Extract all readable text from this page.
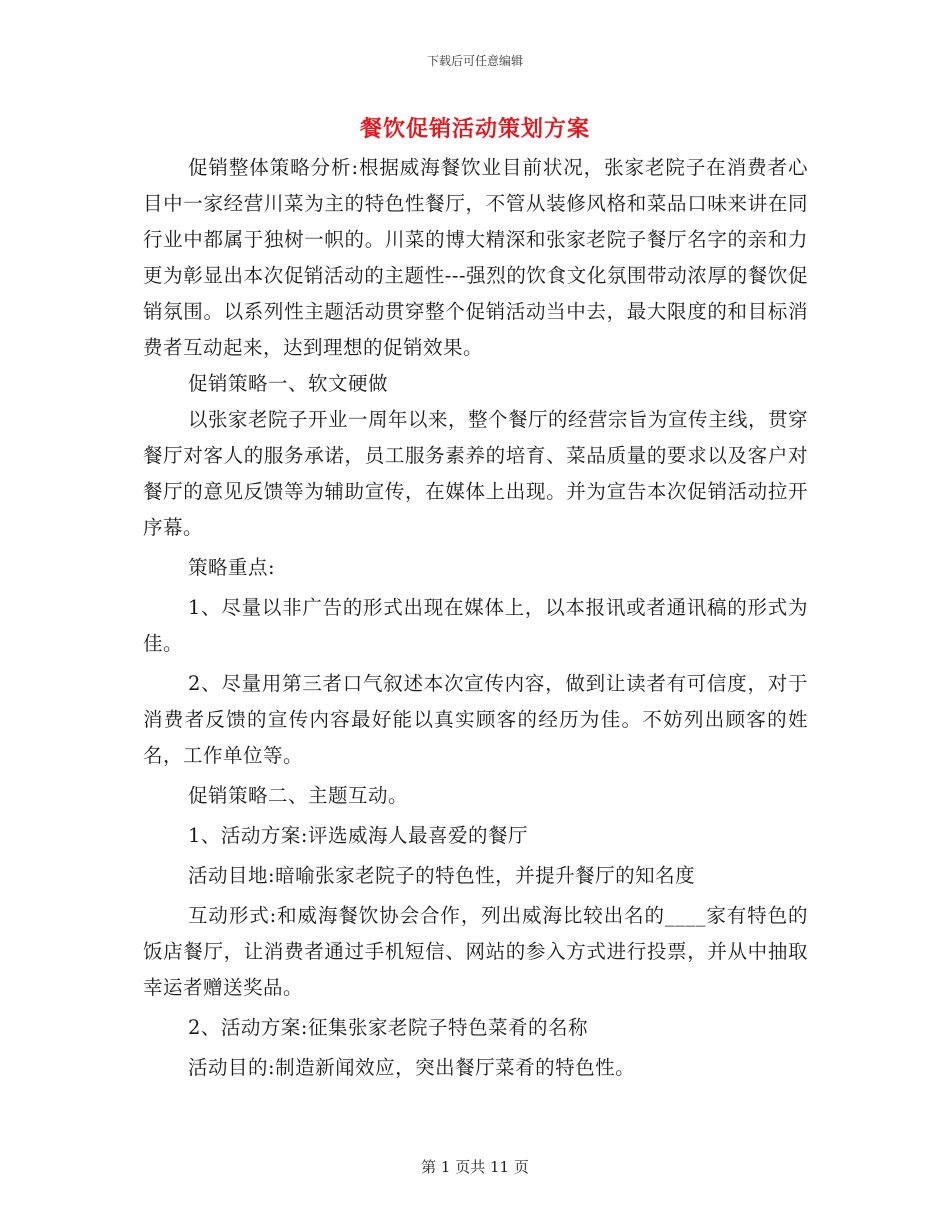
下载后可任意编辑
餐饮促销活动策划方案

促销整体策略分析:根据威海餐饮业目前状况，张家老院子在消费者心目中一家经营川菜为主的特色性餐厅，不管从装修风格和菜品口味来讲在同行业中都属于独树一帜的。川菜的博大精深和张家老院子餐厅名字的亲和力更为彰显出本次促销活动的主题性---强烈的饮食文化氛围带动浓厚的餐饮促销氛围。以系列性主题活动贯穿整个促销活动当中去，最大限度的和目标消费者互动起来，达到理想的促销效果。

促销策略一、软文硬做

以张家老院子开业一周年以来，整个餐厅的经营宗旨为宣传主线，贯穿餐厅对客人的服务承诺，员工服务素养的培育、菜品质量的要求以及客户对餐厅的意见反馈等为辅助宣传，在媒体上出现。并为宣告本次促销活动拉开序幕。

策略重点:

1、尽量以非广告的形式出现在媒体上，以本报讯或者通讯稿的形式为佳。

2、尽量用第三者口气叙述本次宣传内容，做到让读者有可信度，对于消费者反馈的宣传内容最好能以真实顾客的经历为佳。不妨列出顾客的姓名，工作单位等。

促销策略二、主题互动。

1、活动方案:评选威海人最喜爱的餐厅

活动目地:暗喻张家老院子的特色性，并提升餐厅的知名度

互动形式:和威海餐饮协会合作，列出威海比较出名的____家有特色的饭店餐厅，让消费者通过手机短信、网站的参入方式进行投票，并从中抽取幸运者赠送奖品。

2、活动方案:征集张家老院子特色菜肴的名称

活动目的:制造新闻效应，突出餐厅菜肴的特色性。

第 1 页共 11 页
